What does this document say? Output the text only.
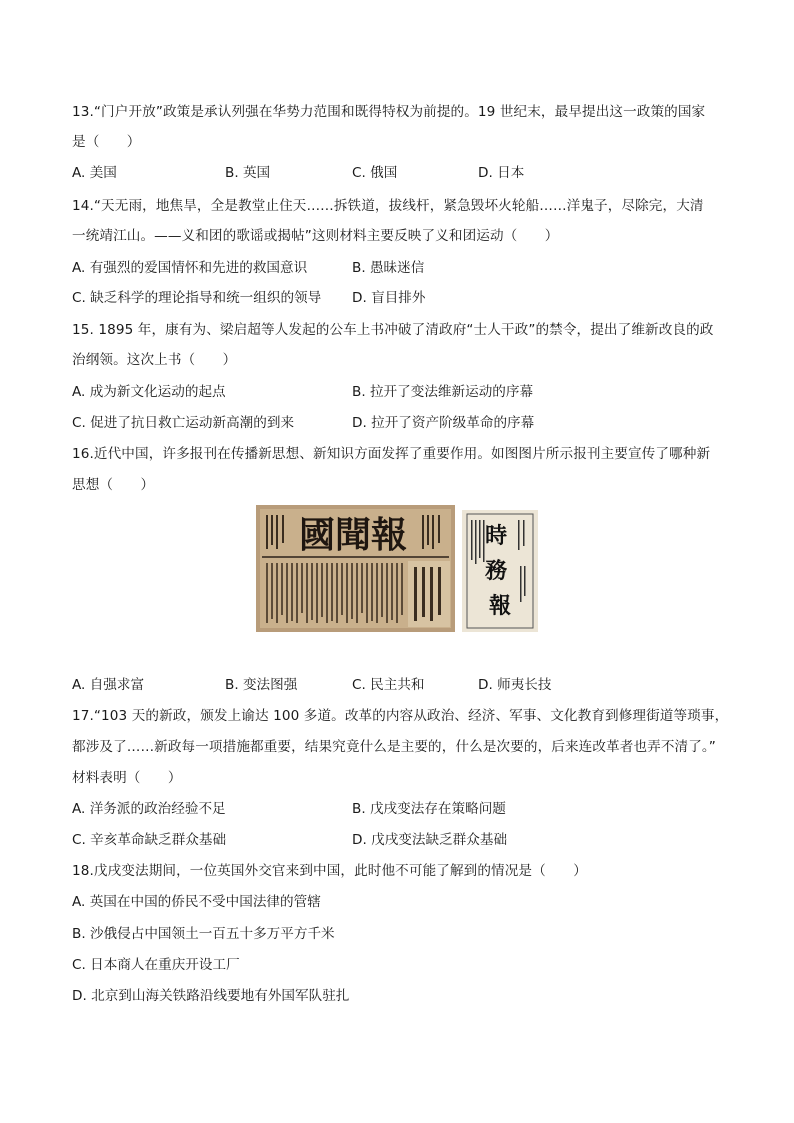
13.“门户开放”政策是承认列强在华势力范围和既得特权为前提的。19 世纪末，最早提出这一政策的国家
是（　　）
A. 美国	B. 英国	C. 俄国	D. 日本
14.“天无雨，地焦旱，全是教堂止住天……拆铁道，拔线杆，紧急毁坏火轮船……洋鬼子，尽除完，大清
一统靖江山。——义和团的歌谣或揭帖”这则材料主要反映了义和团运动（　　）
A. 有强烈的爱国情怀和先进的救国意识	B. 愚昧迷信
C. 缺乏科学的理论指导和统一组织的领导 D. 盲目排外
15. 1895 年，康有为、梁启超等人发起的公车上书冲破了清政府“士人干政”的禁令，提出了维新改良的政
治纲领。这次上书（　　）
A. 成为新文化运动的起点	B. 拉开了变法维新运动的序幕
C. 促进了抗日救亡运动新高潮的到来	D. 拉开了资产阶级革命的序幕
16.近代中国，许多报刊在传播新思想、新知识方面发挥了重要作用。如图图片所示报刊主要宣传了哪种新
思想（　　）
國聞報	時 務 報
A. 自强求富	B. 变法图强	C. 民主共和	D. 师夷长技
17.“103 天的新政，颁发上谕达 100 多道。改革的内容从政治、经济、军事、文化教育到修理街道等琐事，
都涉及了……新政每一项措施都重要，结果究竟什么是主要的，什么是次要的，后来连改革者也弄不清了。”
材料表明（　　）
A. 洋务派的政治经验不足	B. 戊戌变法存在策略问题
C. 辛亥革命缺乏群众基础	D. 戊戌变法缺乏群众基础
18.戊戌变法期间，一位英国外交官来到中国，此时他不可能了解到的情况是（　　）
A. 英国在中国的侨民不受中国法律的管辖
B. 沙俄侵占中国领土一百五十多万平方千米
C. 日本商人在重庆开设工厂
D. 北京到山海关铁路沿线要地有外国军队驻扎
